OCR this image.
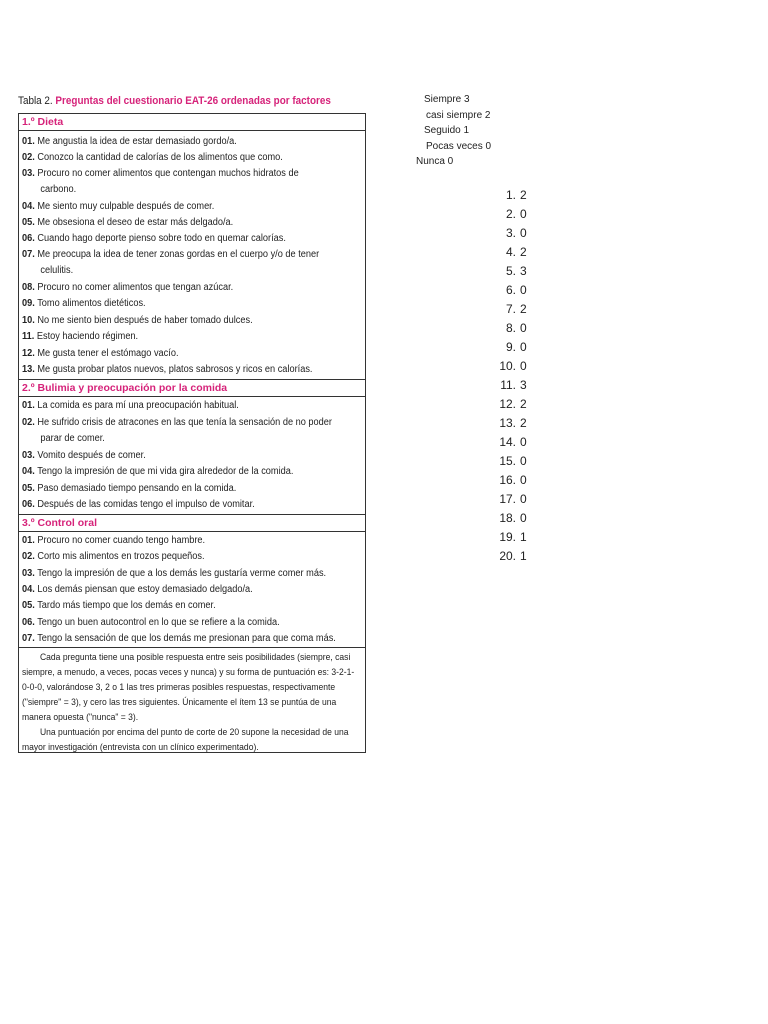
Tabla 2. Preguntas del cuestionario EAT-26 ordenadas por factores
1.º Dieta
01. Me angustia la idea de estar demasiado gordo/a.
02. Conozco la cantidad de calorías de los alimentos que como.
03. Procuro no comer alimentos que contengan muchos hidratos de
carbono.
04. Me siento muy culpable después de comer.
05. Me obsesiona el deseo de estar más delgado/a.
06. Cuando hago deporte pienso sobre todo en quemar calorías.
07. Me preocupa la idea de tener zonas gordas en el cuerpo y/o de tener
celulitis.
08. Procuro no comer alimentos que tengan azúcar.
09. Tomo alimentos dietéticos.
10. No me siento bien después de haber tomado dulces.
11. Estoy haciendo régimen.
12. Me gusta tener el estómago vacío.
13. Me gusta probar platos nuevos, platos sabrosos y ricos en calorías.
2.º Bulimia y preocupación por la comida
01. La comida es para mí una preocupación habitual.
02. He sufrido crisis de atracones en las que tenía la sensación de no poder
parar de comer.
03. Vomito después de comer.
04. Tengo la impresión de que mi vida gira alrededor de la comida.
05. Paso demasiado tiempo pensando en la comida.
06. Después de las comidas tengo el impulso de vomitar.
3.º Control oral
01. Procuro no comer cuando tengo hambre.
02. Corto mis alimentos en trozos pequeños.
03. Tengo la impresión de que a los demás les gustaría verme comer más.
04. Los demás piensan que estoy demasiado delgado/a.
05. Tardo más tiempo que los demás en comer.
06. Tengo un buen autocontrol en lo que se refiere a la comida.
07. Tengo la sensación de que los demás me presionan para que coma más.

Cada pregunta tiene una posible respuesta entre seis posibilidades (siempre, casi siempre, a menudo, a veces, pocas veces y nunca) y su forma de puntuación es: 3-2-1-0-0-0, valorándose 3, 2 o 1 las tres primeras posibles respuestas, respectivamente ("siempre" = 3), y cero las tres siguientes. Únicamente el ítem 13 se puntúa de una manera opuesta ("nunca" = 3).

Una puntuación por encima del punto de corte de 20 supone la necesidad de una mayor investigación (entrevista con un clínico experimentado).

Siempre 3
casi siempre 2
Seguido 1
Pocas veces 0
Nunca 0
1. 2
2. 0
3. 0
4. 2
5. 3
6. 0
7. 2
8. 0
9. 0
10. 0
11. 3
12. 2
13. 2
14. 0
15. 0
16. 0
17. 0
18. 0
19. 1
20. 1
